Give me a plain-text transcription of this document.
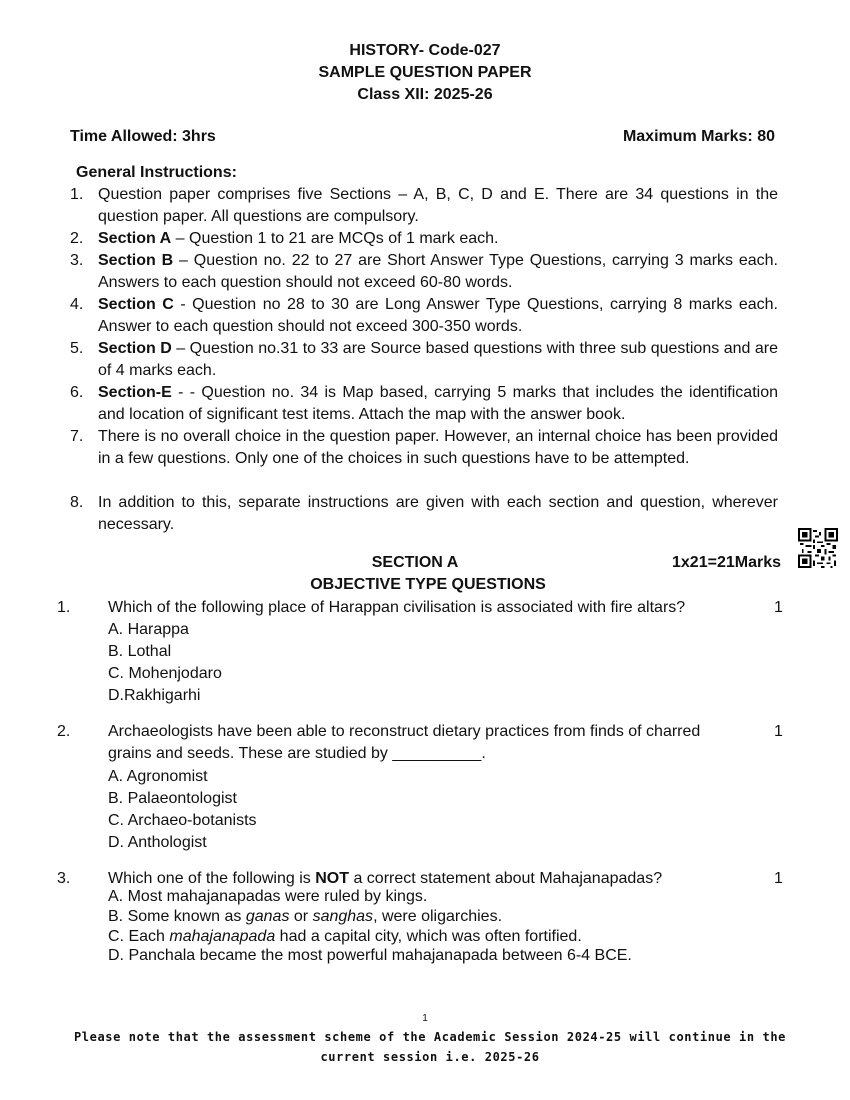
HISTORY- Code-027
SAMPLE QUESTION PAPER
Class XII: 2025-26
Time Allowed: 3hrs	Maximum Marks: 80
General Instructions:
1. Question paper comprises five Sections – A, B, C, D and E. There are 34 questions in the question paper. All questions are compulsory.
2. Section A – Question 1 to 21 are MCQs of 1 mark each.
3. Section B – Question no. 22 to 27 are Short Answer Type Questions, carrying 3 marks each. Answers to each question should not exceed 60-80 words.
4. Section C - Question no 28 to 30 are Long Answer Type Questions, carrying 8 marks each. Answer to each question should not exceed 300-350 words.
5. Section D – Question no.31 to 33 are Source based questions with three sub questions and are of 4 marks each.
6. Section-E - - Question no. 34 is Map based, carrying 5 marks that includes the identification and location of significant test items. Attach the map with the answer book.
7. There is no overall choice in the question paper. However, an internal choice has been provided in a few questions. Only one of the choices in such questions have to be attempted.
8. In addition to this, separate instructions are given with each section and question, wherever necessary.
SECTION A	1x21=21Marks
OBJECTIVE TYPE QUESTIONS
1. Which of the following place of Harappan civilisation is associated with fire altars?	1
A. Harappa
B. Lothal
C. Mohenjodaro
D.Rakhigarhi
2. Archaeologists have been able to reconstruct dietary practices from finds of charred grains and seeds. These are studied by __________.
1
A. Agronomist
B. Palaeontologist
C. Archaeo-botanists
D. Anthologist
3. Which one of the following is NOT a correct statement about Mahajanapadas?	1
A. Most mahajanapadas were ruled by kings.
B. Some known as ganas or sanghas, were oligarchies.
C. Each mahajanapada had a capital city, which was often fortified.
D. Panchala became the most powerful mahajanapada between 6-4 BCE.
1
Please note that the assessment scheme of the Academic Session 2024-25 will continue in the current session i.e. 2025-26
